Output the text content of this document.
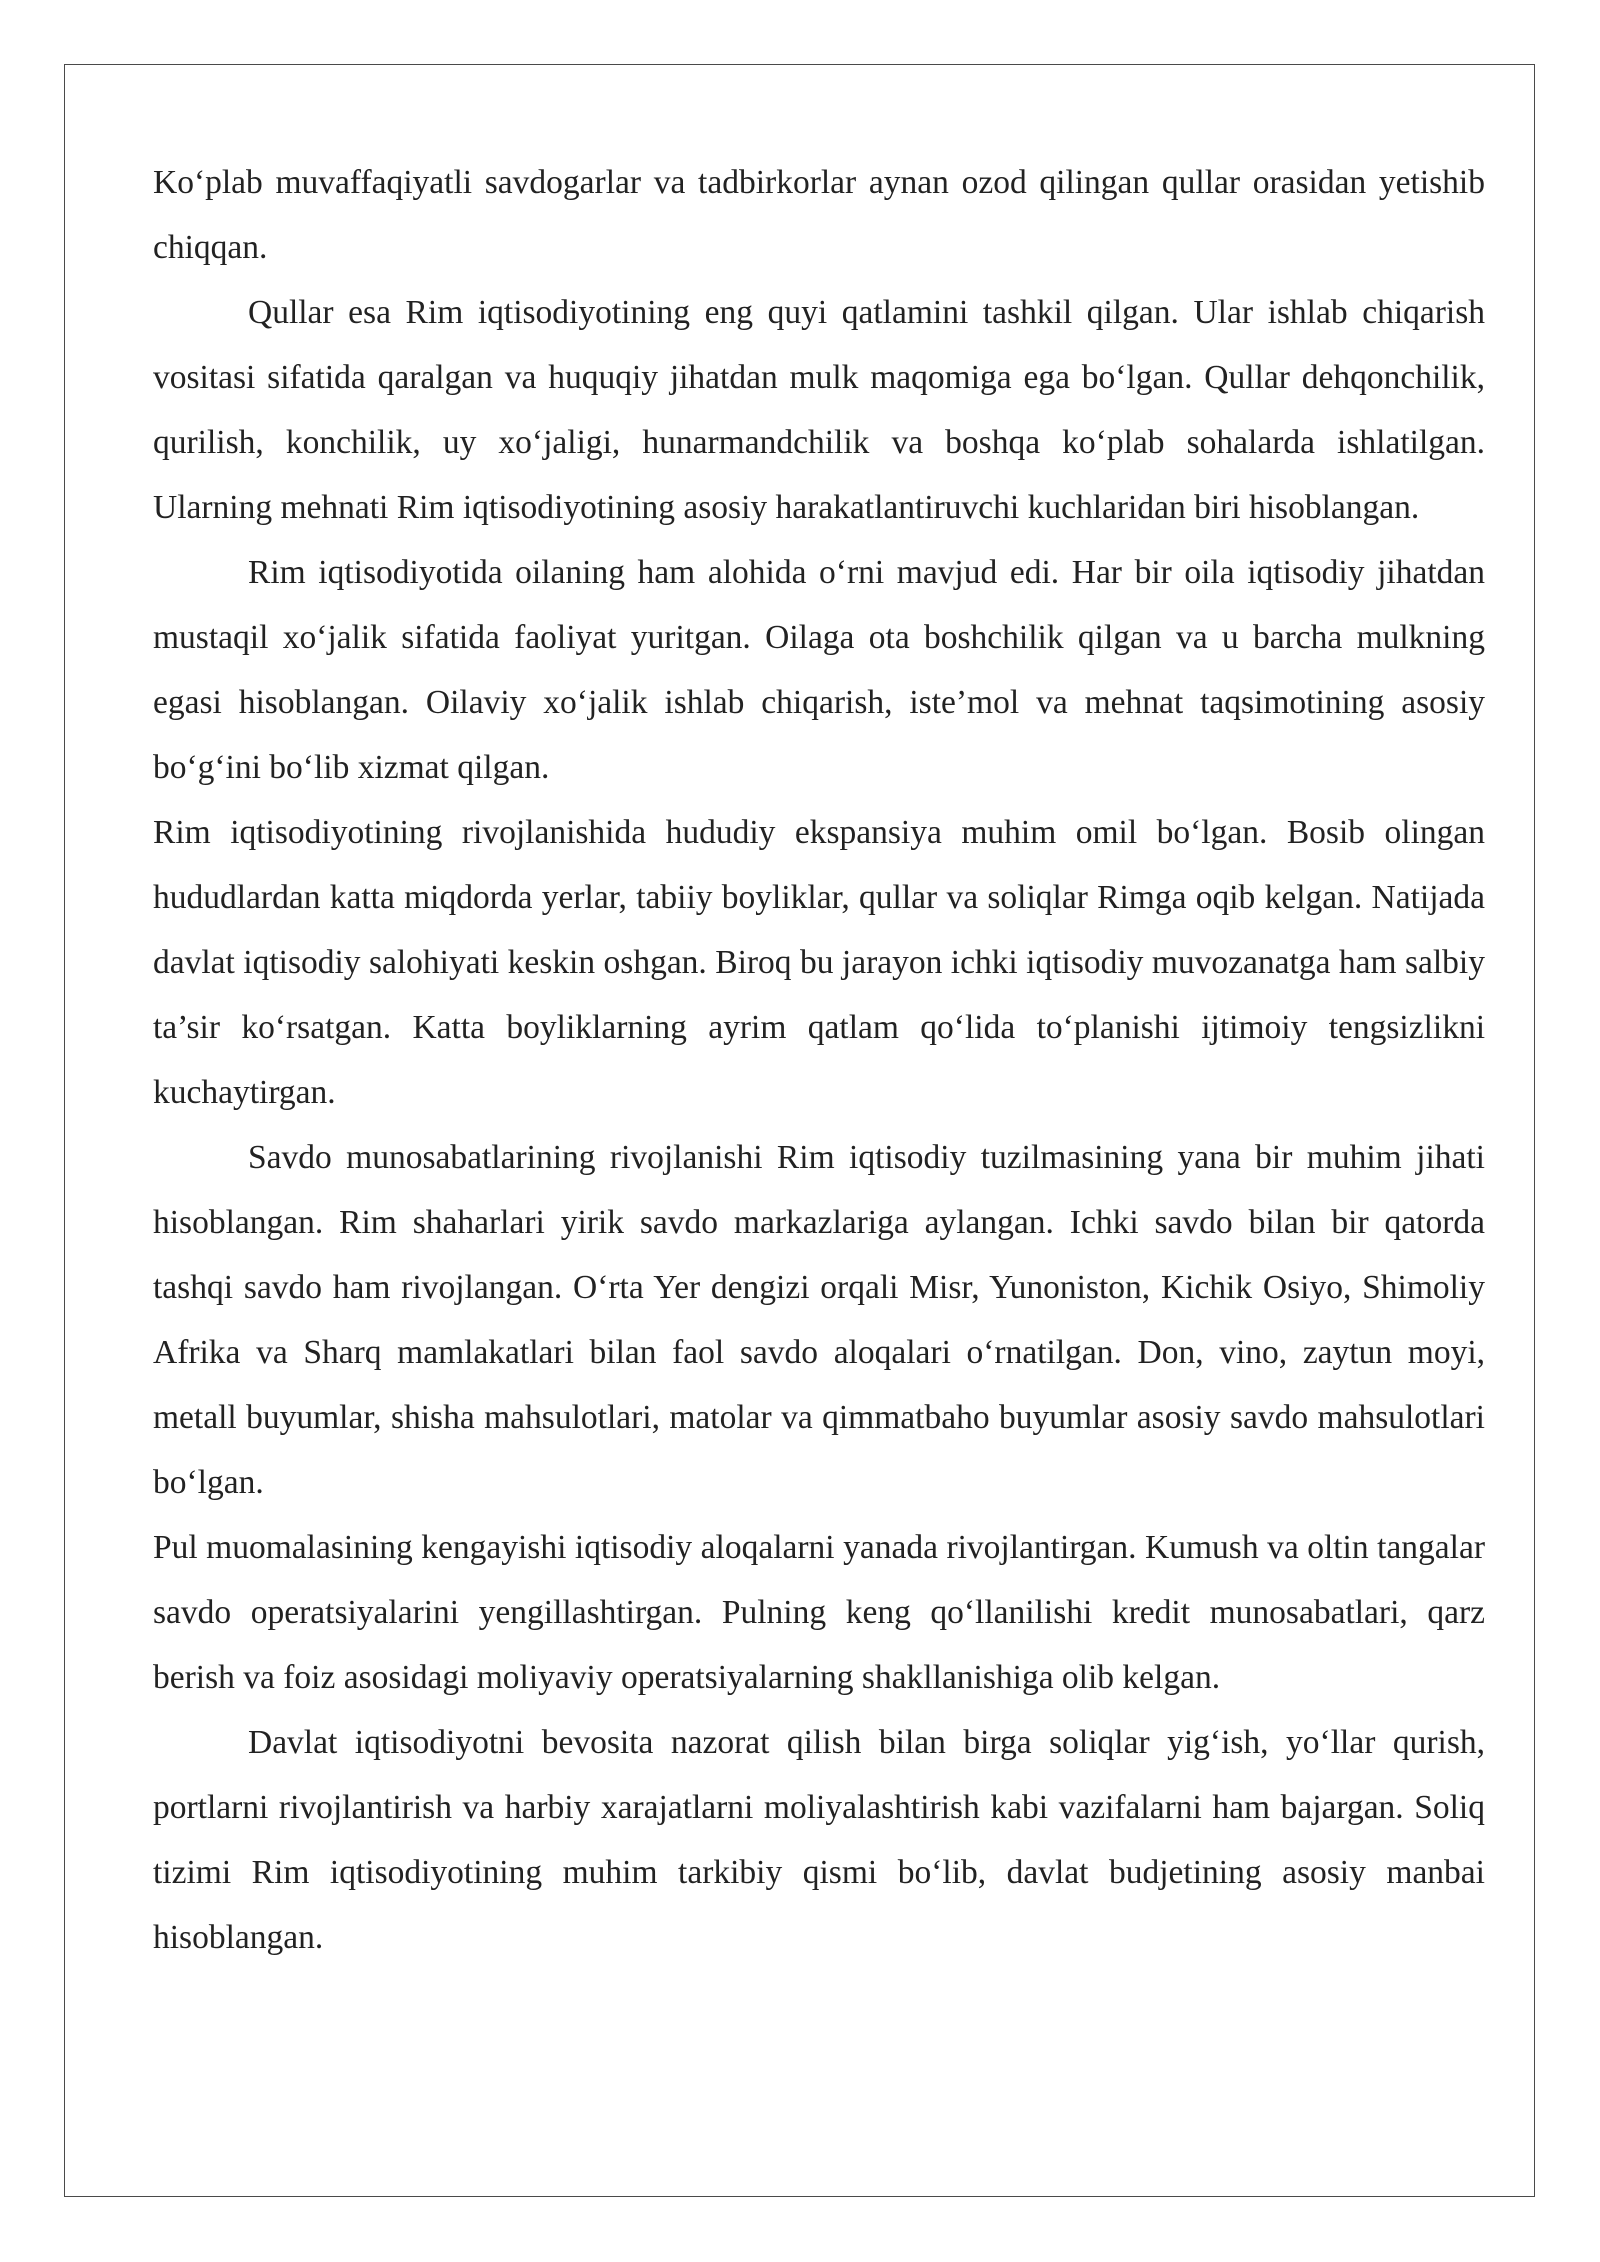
Ko‘plab muvaffaqiyatli savdogarlar va tadbirkorlar aynan ozod qilingan qullar orasidan yetishib chiqqan.

Qullar esa Rim iqtisodiyotining eng quyi qatlamini tashkil qilgan. Ular ishlab chiqarish vositasi sifatida qaralgan va huquqiy jihatdan mulk maqomiga ega bo‘lgan. Qullar dehqonchilik, qurilish, konchilik, uy xo‘jaligi, hunarmandchilik va boshqa ko‘plab sohalarda ishlatilgan. Ularning mehnati Rim iqtisodiyotining asosiy harakatlantiruvchi kuchlaridan biri hisoblangan.

Rim iqtisodiyotida oilaning ham alohida o‘rni mavjud edi. Har bir oila iqtisodiy jihatdan mustaqil xo‘jalik sifatida faoliyat yuritgan. Oilaga ota boshchilik qilgan va u barcha mulkning egasi hisoblangan. Oilaviy xo‘jalik ishlab chiqarish, iste’mol va mehnat taqsimotining asosiy bo‘g‘ini bo‘lib xizmat qilgan.

Rim iqtisodiyotining rivojlanishida hududiy ekspansiya muhim omil bo‘lgan. Bosib olingan hududlardan katta miqdorda yerlar, tabiiy boyliklar, qullar va soliqlar Rimga oqib kelgan. Natijada davlat iqtisodiy salohiyati keskin oshgan. Biroq bu jarayon ichki iqtisodiy muvozanatga ham salbiy ta’sir ko‘rsatgan. Katta boyliklarning ayrim qatlam qo‘lida to‘planishi ijtimoiy tengsizlikni kuchaytirgan.

Savdo munosabatlarining rivojlanishi Rim iqtisodiy tuzilmasining yana bir muhim jihati hisoblangan. Rim shaharlari yirik savdo markazlariga aylangan. Ichki savdo bilan bir qatorda tashqi savdo ham rivojlangan. O‘rta Yer dengizi orqali Misr, Yunoniston, Kichik Osiyo, Shimoliy Afrika va Sharq mamlakatlari bilan faol savdo aloqalari o‘rnatilgan. Don, vino, zaytun moyi, metall buyumlar, shisha mahsulotlari, matolar va qimmatbaho buyumlar asosiy savdo mahsulotlari bo‘lgan.

Pul muomalasining kengayishi iqtisodiy aloqalarni yanada rivojlantirgan. Kumush va oltin tangalar savdo operatsiyalarini yengillashtirgan. Pulning keng qo‘llanilishi kredit munosabatlari, qarz berish va foiz asosidagi moliyaviy operatsiyalarning shakllanishiga olib kelgan.

Davlat iqtisodiyotni bevosita nazorat qilish bilan birga soliqlar yig‘ish, yo‘llar qurish, portlarni rivojlantirish va harbiy xarajatlarni moliyalashtirish kabi vazifalarni ham bajargan. Soliq tizimi Rim iqtisodiyotining muhim tarkibiy qismi bo‘lib, davlat budjetining asosiy manbai hisoblangan.
